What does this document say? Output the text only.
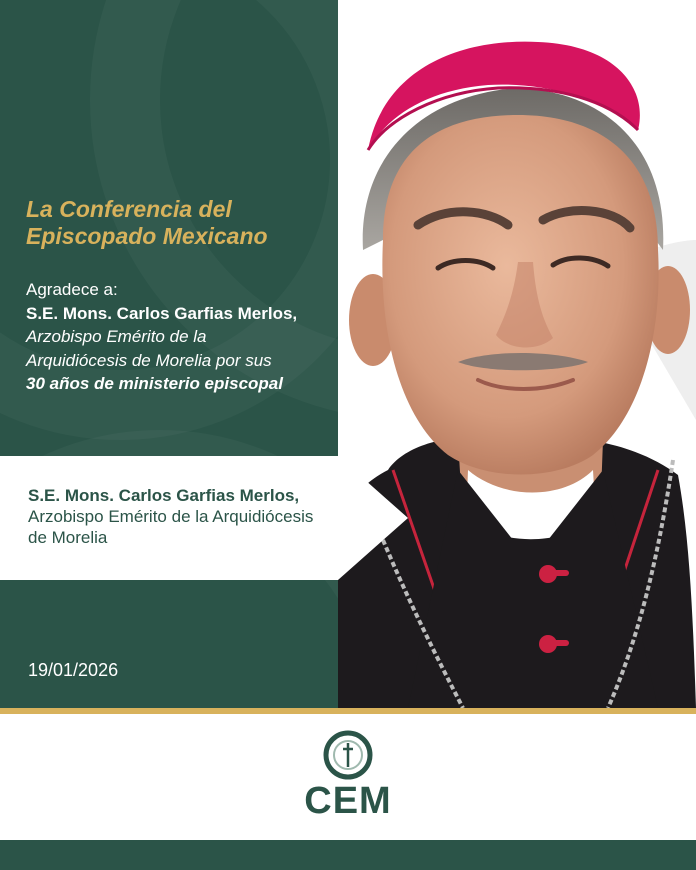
La Conferencia del
Episcopado Mexicano
Agradece a:
S.E. Mons. Carlos Garfias Merlos,
Arzobispo Emérito de la
Arquidiócesis de Morelia por sus
30 años de ministerio episcopal
S.E. Mons. Carlos Garfias Merlos,
Arzobispo Emérito de la Arquidiócesis
de Morelia
19/01/2026
CEM
